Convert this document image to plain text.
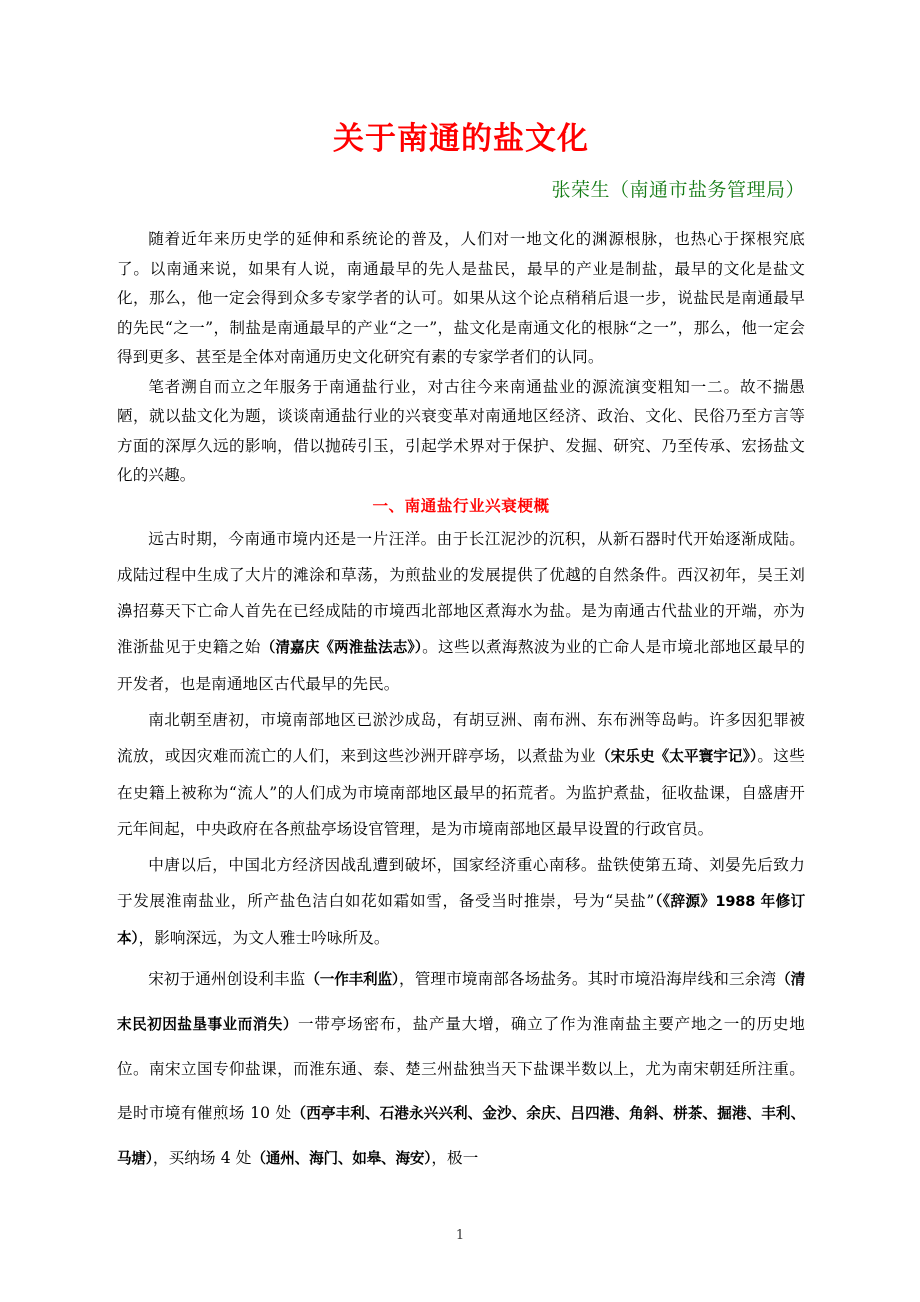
关于南通的盐文化
张荣生（南通市盐务管理局）

随着近年来历史学的延伸和系统论的普及，人们对一地文化的渊源根脉，也热心于探根究底了。以南通来说，如果有人说，南通最早的先人是盐民，最早的产业是制盐，最早的文化是盐文化，那么，他一定会得到众多专家学者的认可。如果从这个论点稍稍后退一步，说盐民是南通最早的先民“之一”，制盐是南通最早的产业“之一”，盐文化是南通文化的根脉“之一”，那么，他一定会得到更多、甚至是全体对南通历史文化研究有素的专家学者们的认同。

笔者溯自而立之年服务于南通盐行业，对古往今来南通盐业的源流演变粗知一二。故不揣愚陋，就以盐文化为题，谈谈南通盐行业的兴衰变革对南通地区经济、政治、文化、民俗乃至方言等方面的深厚久远的影响，借以抛砖引玉，引起学术界对于保护、发掘、研究、乃至传承、宏扬盐文化的兴趣。

一、南通盐行业兴衰梗概

远古时期，今南通市境内还是一片汪洋。由于长江泥沙的沉积，从新石器时代开始逐渐成陆。成陆过程中生成了大片的滩涂和草荡，为煎盐业的发展提供了优越的自然条件。西汉初年，吴王刘濞招募天下亡命人首先在已经成陆的市境西北部地区煮海水为盐。是为南通古代盐业的开端，亦为淮浙盐见于史籍之始（清嘉庆《两淮盐法志》）。这些以煮海熬波为业的亡命人是市境北部地区最早的开发者，也是南通地区古代最早的先民。

南北朝至唐初，市境南部地区已淤沙成岛，有胡豆洲、南布洲、东布洲等岛屿。许多因犯罪被流放，或因灾难而流亡的人们，来到这些沙洲开辟亭场，以煮盐为业（宋乐史《太平寰宇记》）。这些在史籍上被称为“流人”的人们成为市境南部地区最早的拓荒者。为监护煮盐，征收盐课，自盛唐开元年间起，中央政府在各煎盐亭场设官管理，是为市境南部地区最早设置的行政官员。

中唐以后，中国北方经济因战乱遭到破坏，国家经济重心南移。盐铁使第五琦、刘晏先后致力于发展淮南盐业，所产盐色洁白如花如霜如雪，备受当时推崇，号为“吴盐”（《辞源》1988 年修订本），影响深远，为文人雅士吟咏所及。

宋初于通州创设利丰监（一作丰利监），管理市境南部各场盐务。其时市境沿海岸线和三余湾（清末民初因盐垦事业而消失）一带亭场密布，盐产量大增，确立了作为淮南盐主要产地之一的历史地位。南宋立国专仰盐课，而淮东通、泰、楚三州盐独当天下盐课半数以上，尤为南宋朝廷所注重。是时市境有催煎场 10 处（西亭丰利、石港永兴兴利、金沙、余庆、吕四港、角斜、栟茶、掘港、丰利、马塘），买纳场 4 处（通州、海门、如皋、海安），极一

1
